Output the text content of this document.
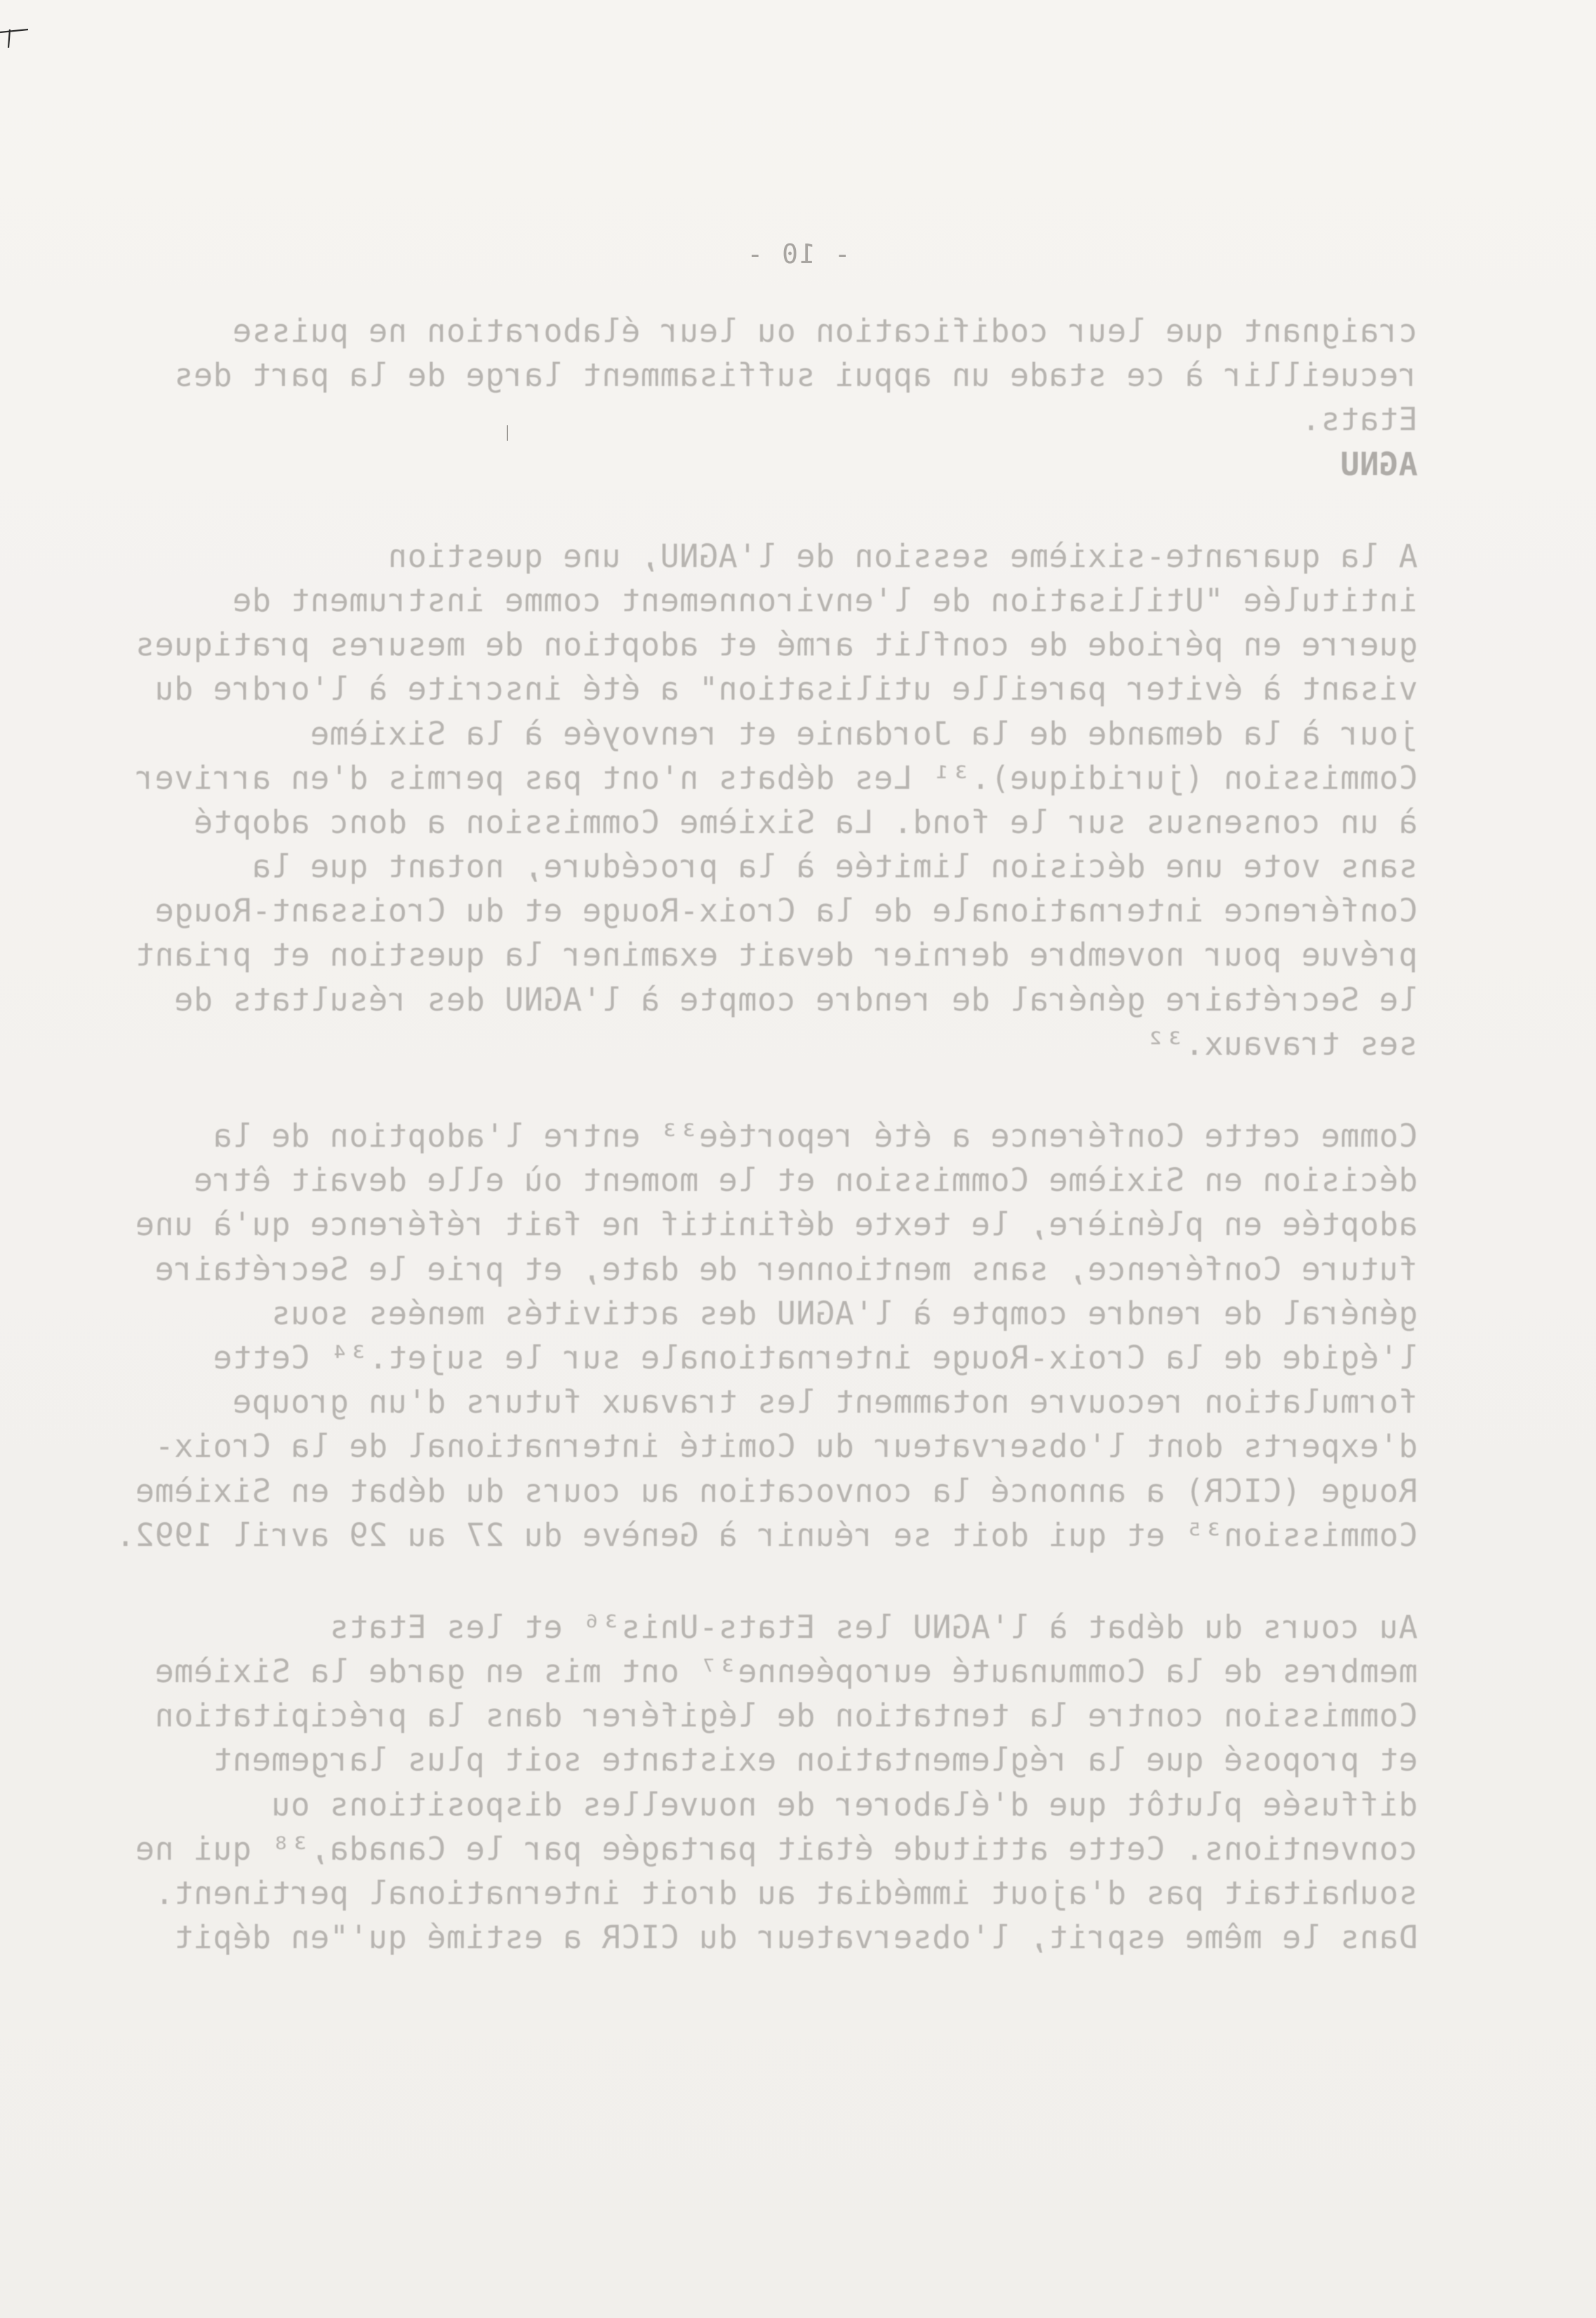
- 10 -
craignant que leur codification ou leur élaboration ne puisse
recueillir à ce stade un appui suffisamment large de la part des
Etats.
AGNU
A la quarante-sixième session de l'AGNU, une question
intitulée "Utilisation de l'environnement comme instrument de
guerre en période de conflit armé et adoption de mesures pratiques
visant à éviter pareille utilisation" a été inscrite à l'ordre du
jour à la demande de la Jordanie et renvoyée à la Sixième
Commission (juridique).³¹ Les débats n'ont pas permis d'en arriver
à un consensus sur le fond. La Sixième Commission a donc adopté
sans vote une décision limitée à la procédure, notant que la
Conférence internationale de la Croix-Rouge et du Croissant-Rouge
prévue pour novembre dernier devait examiner la question et priant
le Secrétaire général de rendre compte à l'AGNU des résultats de
ses travaux.³²
Comme cette Conférence a été reportée³³ entre l'adoption de la
décision en Sixième Commission et le moment où elle devait être
adoptée en plénière, le texte définitif ne fait référence qu'à une
future Conférence, sans mentionner de date, et prie le Secrétaire
général de rendre compte à l'AGNU des activités menées sous
l'égide de la Croix-Rouge internationale sur le sujet.³⁴ Cette
formulation recouvre notamment les travaux futurs d'un groupe
d'experts dont l'observateur du Comité international de la Croix-
Rouge (CICR) a annoncé la convocation au cours du débat en Sixième
Commission³⁵ et qui doit se réunir à Genève du 27 au 29 avril 1992.
Au cours du débat à l'AGNU les Etats-Unis³⁶ et les Etats
membres de la Communauté européenne³⁷ ont mis en garde la Sixième
Commission contre la tentation de légiférer dans la précipitation
et proposé que la réglementation existante soit plus largement
diffusée plutôt que d'élaborer de nouvelles dispositions ou
conventions. Cette attitude était partagée par le Canada,³⁸ qui ne
souhaitait pas d'ajout immédiat au droit international pertinent.
Dans le même esprit, l'observateur du CICR a estimé qu'"en dépit
